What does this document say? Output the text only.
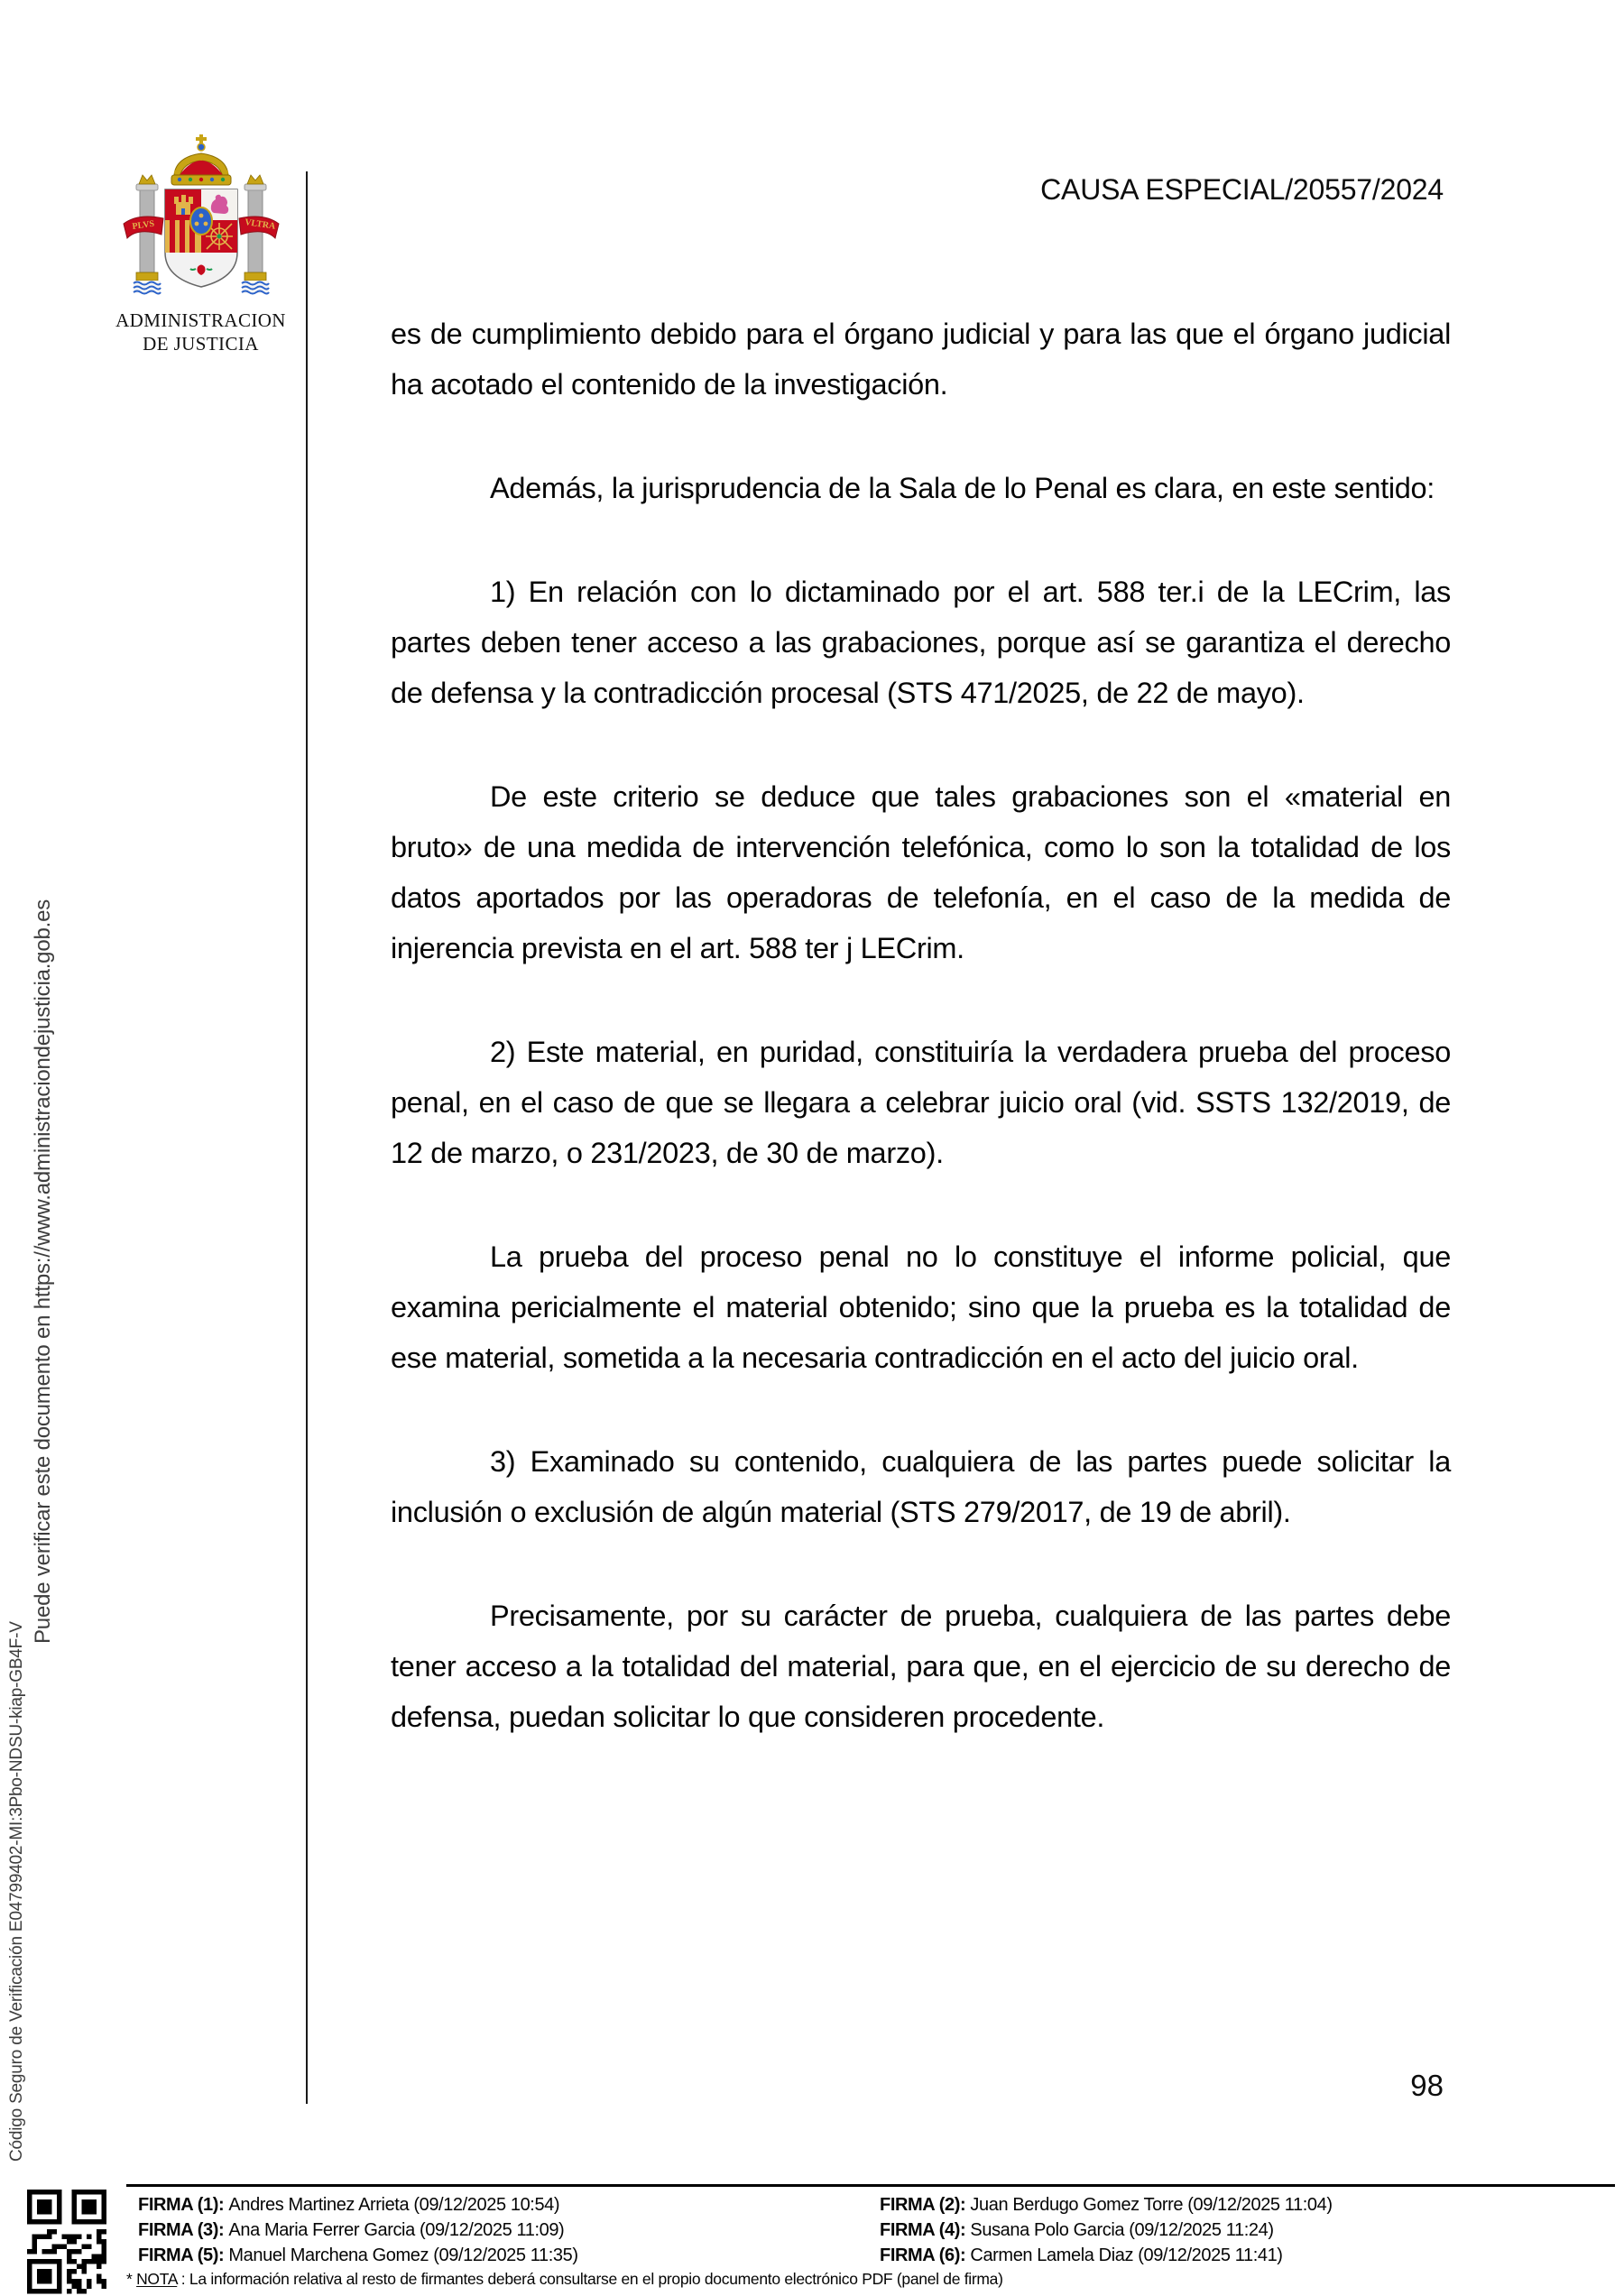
CAUSA ESPECIAL/20557/2024
PLVS	VLTRA
ADMINISTRACION
DE JUSTICIA
Código Seguro de Verificación E04799402-MI:3Pbo-NDSU-kiap-GB4F-V
Puede verificar este documento en https://www.administraciondejusticia.gob.es

es de cumplimiento debido para el órgano judicial y para las que el órgano judicial ha acotado el contenido de la investigación.

Además, la jurisprudencia de la Sala de lo Penal es clara, en este sentido:

1) En relación con lo dictaminado por el art. 588 ter.i de la LECrim, las partes deben tener acceso a las grabaciones, porque así se garantiza el derecho de defensa y la contradicción procesal (STS 471/2025, de 22 de mayo).

De este criterio se deduce que tales grabaciones son el «material en bruto» de una medida de intervención telefónica, como lo son la totalidad de los datos aportados por las operadoras de telefonía, en el caso de la medida de injerencia prevista en el art. 588 ter j LECrim.

2) Este material, en puridad, constituiría la verdadera prueba del proceso penal, en el caso de que se llegara a celebrar juicio oral (vid. SSTS 132/2019, de 12 de marzo, o 231/2023, de 30 de marzo).

La prueba del proceso penal no lo constituye el informe policial, que examina pericialmente el material obtenido; sino que la prueba es la totalidad de ese material, sometida a la necesaria contradicción en el acto del juicio oral.

3) Examinado su contenido, cualquiera de las partes puede solicitar la inclusión o exclusión de algún material (STS 279/2017, de 19 de abril).

Precisamente, por su carácter de prueba, cualquiera de las partes debe tener acceso a la totalidad del material, para que, en el ejercicio de su derecho de defensa, puedan solicitar lo que consideren procedente.

98
FIRMA (1): Andres Martinez Arrieta (09/12/2025 10:54)
FIRMA (3): Ana Maria Ferrer Garcia (09/12/2025 11:09)
FIRMA (5): Manuel Marchena Gomez (09/12/2025 11:35)
FIRMA (2): Juan Berdugo Gomez Torre (09/12/2025 11:04)
FIRMA (4): Susana Polo Garcia (09/12/2025 11:24)
FIRMA (6): Carmen Lamela Diaz (09/12/2025 11:41)
* NOTA : La información relativa al resto de firmantes deberá consultarse en el propio documento electrónico PDF (panel de firma)
